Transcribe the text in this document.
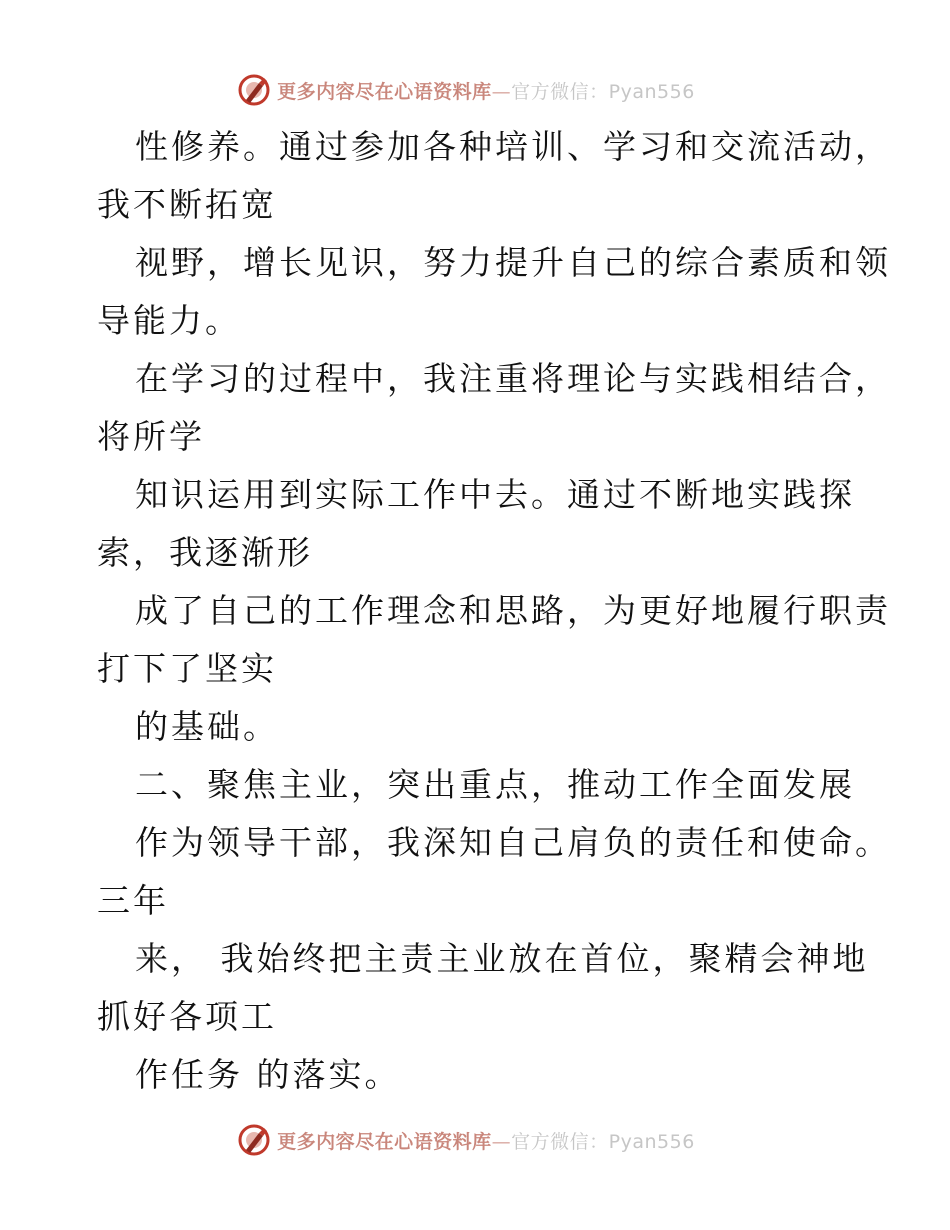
更多内容尽在心语资料库—官方微信：Pyan556
性修养。通过参加各种培训、学习和交流活动，
我不断拓宽
视野，增长见识，努力提升自己的综合素质和领
导能力。
在学习的过程中，我注重将理论与实践相结合，
将所学
知识运用到实际工作中去。通过不断地实践探
索，我逐渐形
成了自己的工作理念和思路，为更好地履行职责
打下了坚实
的基础。
二、聚焦主业，突出重点，推动工作全面发展
作为领导干部，我深知自己肩负的责任和使命。
三年
来， 我始终把主责主业放在首位，聚精会神地
抓好各项工
作任务 的落实。
更多内容尽在心语资料库—官方微信：Pyan556
